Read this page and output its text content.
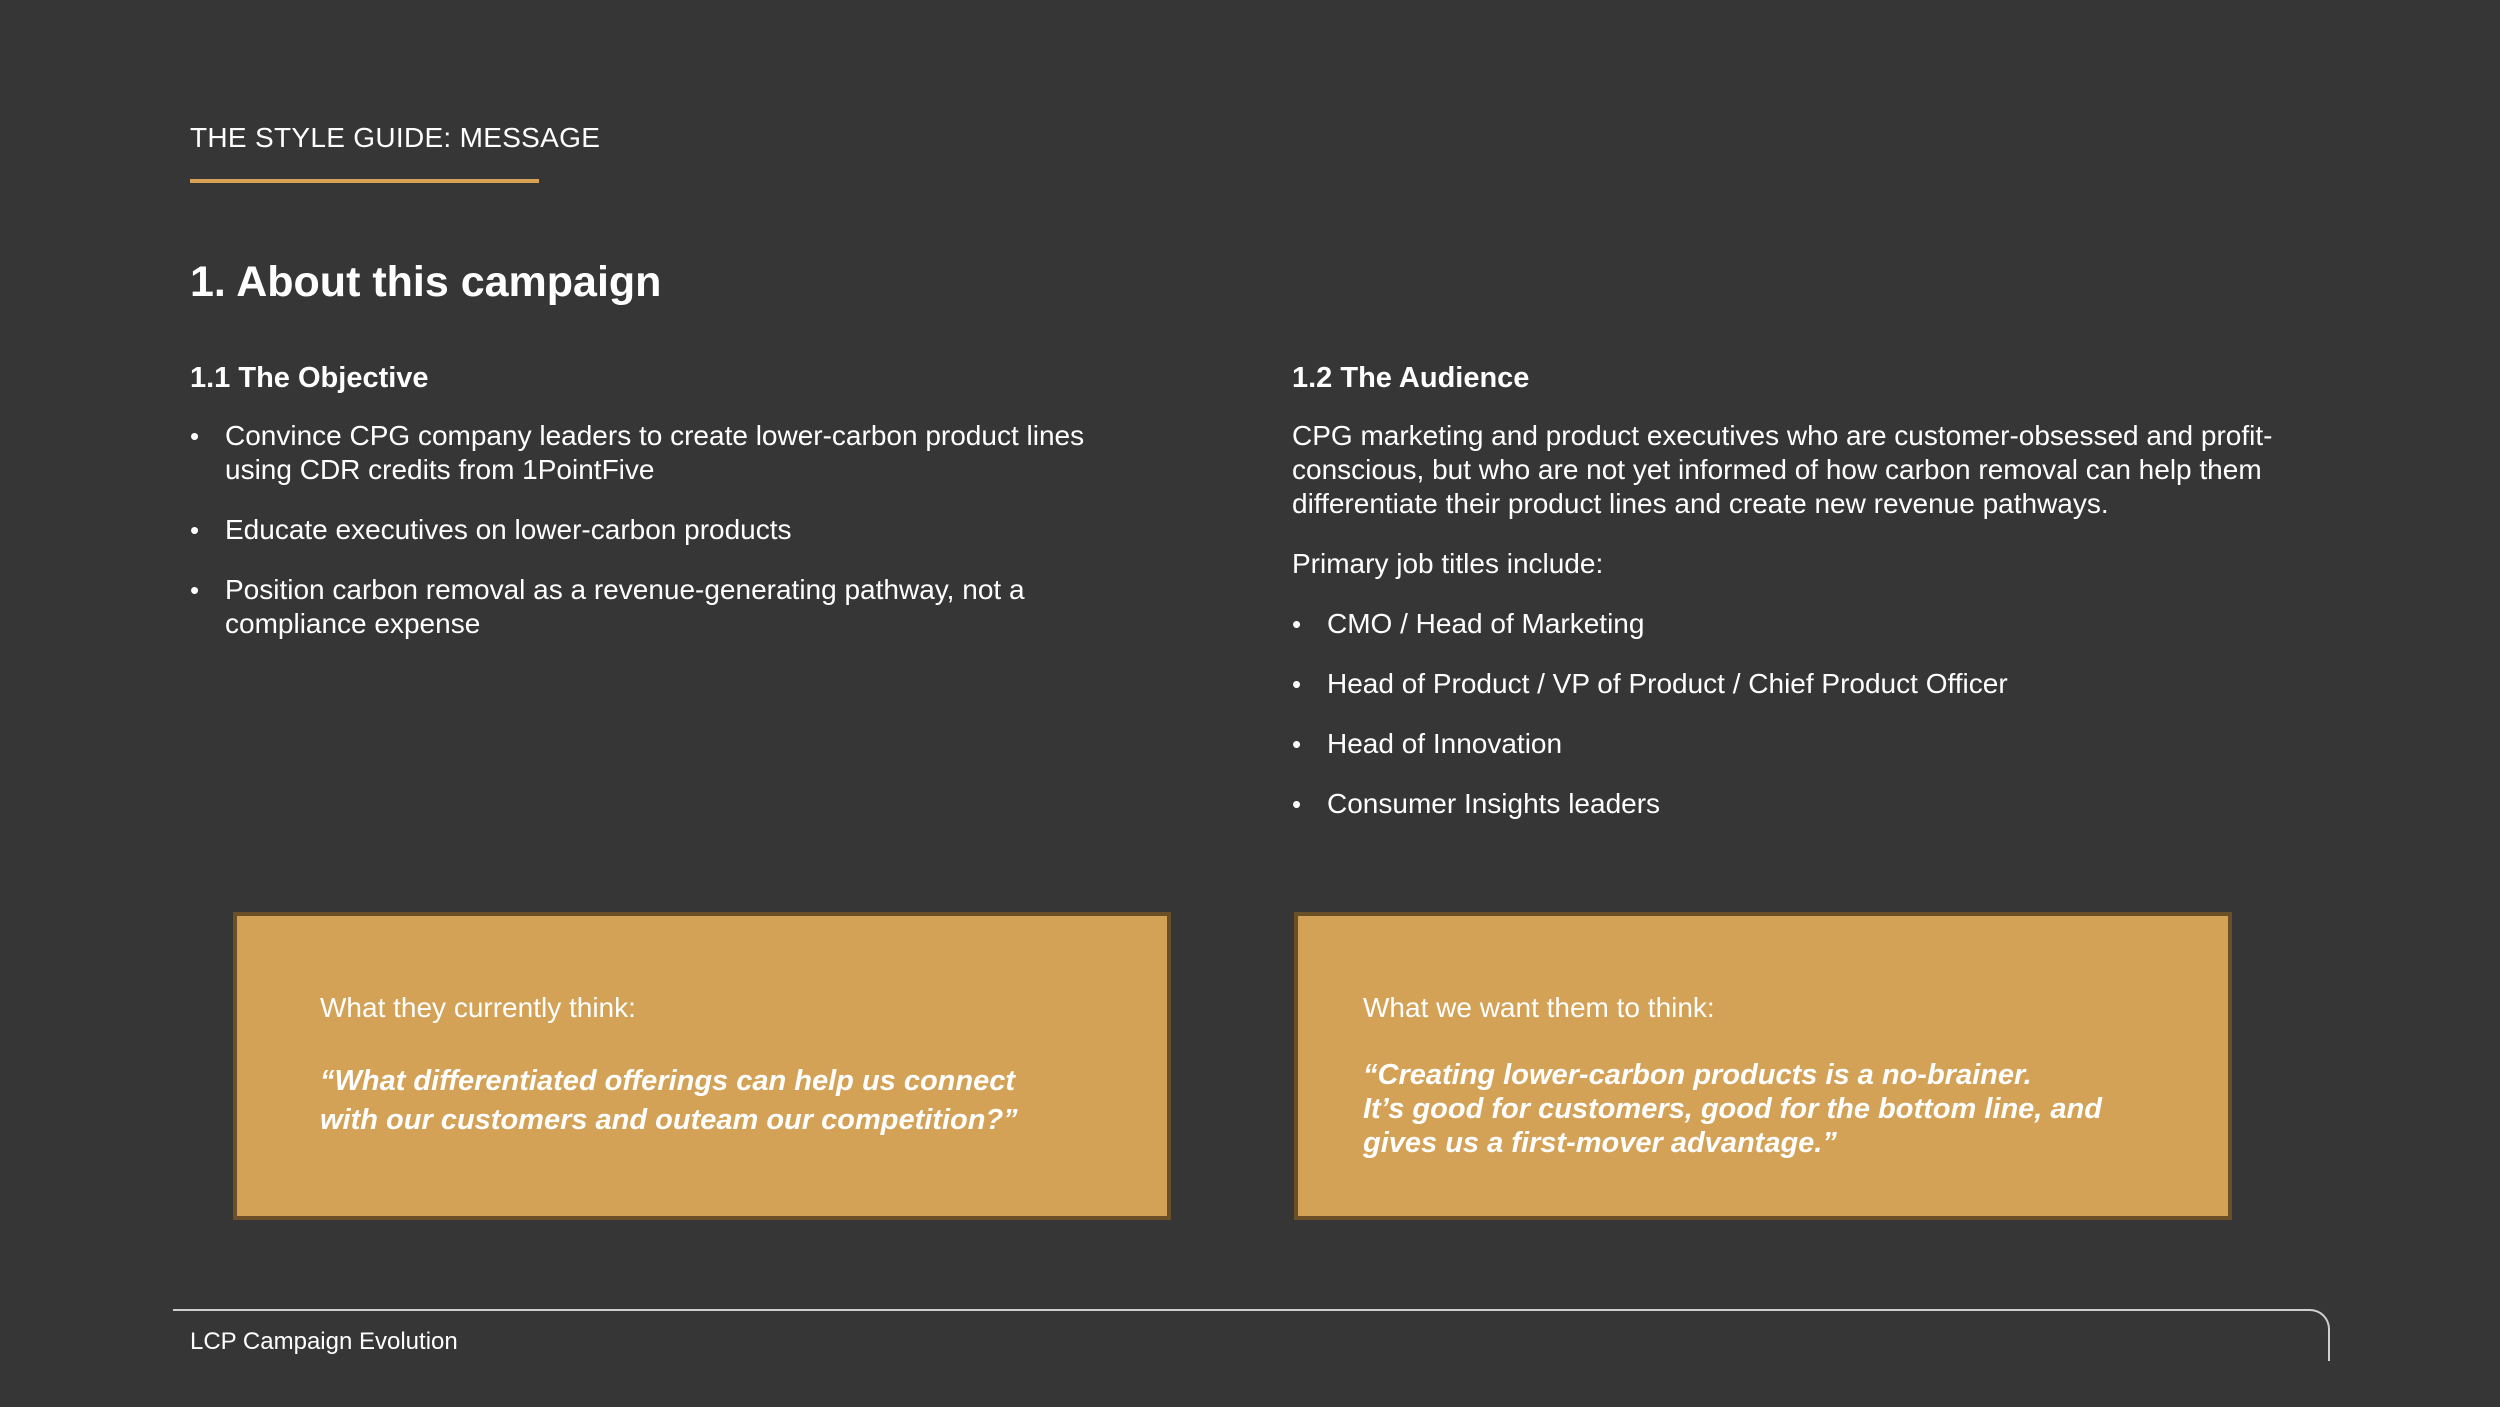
THE STYLE GUIDE: MESSAGE
1. About this campaign
1.1 The Objective
• Convince CPG company leaders to create lower-carbon product lines using CDR credits from 1PointFive
• Educate executives on lower-carbon products
• Position carbon removal as a revenue-generating pathway, not a compliance expense
1.2 The Audience

CPG marketing and product executives who are customer-obsessed and profit-conscious, but who are not yet informed of how carbon removal can help them differentiate their product lines and create new revenue pathways.

Primary job titles include:

• CMO / Head of Marketing
• Head of Product / VP of Product / Chief Product Officer
• Head of Innovation
• Consumer Insights leaders
What they currently think:

“What differentiated offerings can help us connect with our customers and outeam our competition?”

What we want them to think:
“Creating lower-carbon products is a no-brainer.
It’s good for customers, good for the bottom line, and gives us a first-mover advantage.”
LCP Campaign Evolution
